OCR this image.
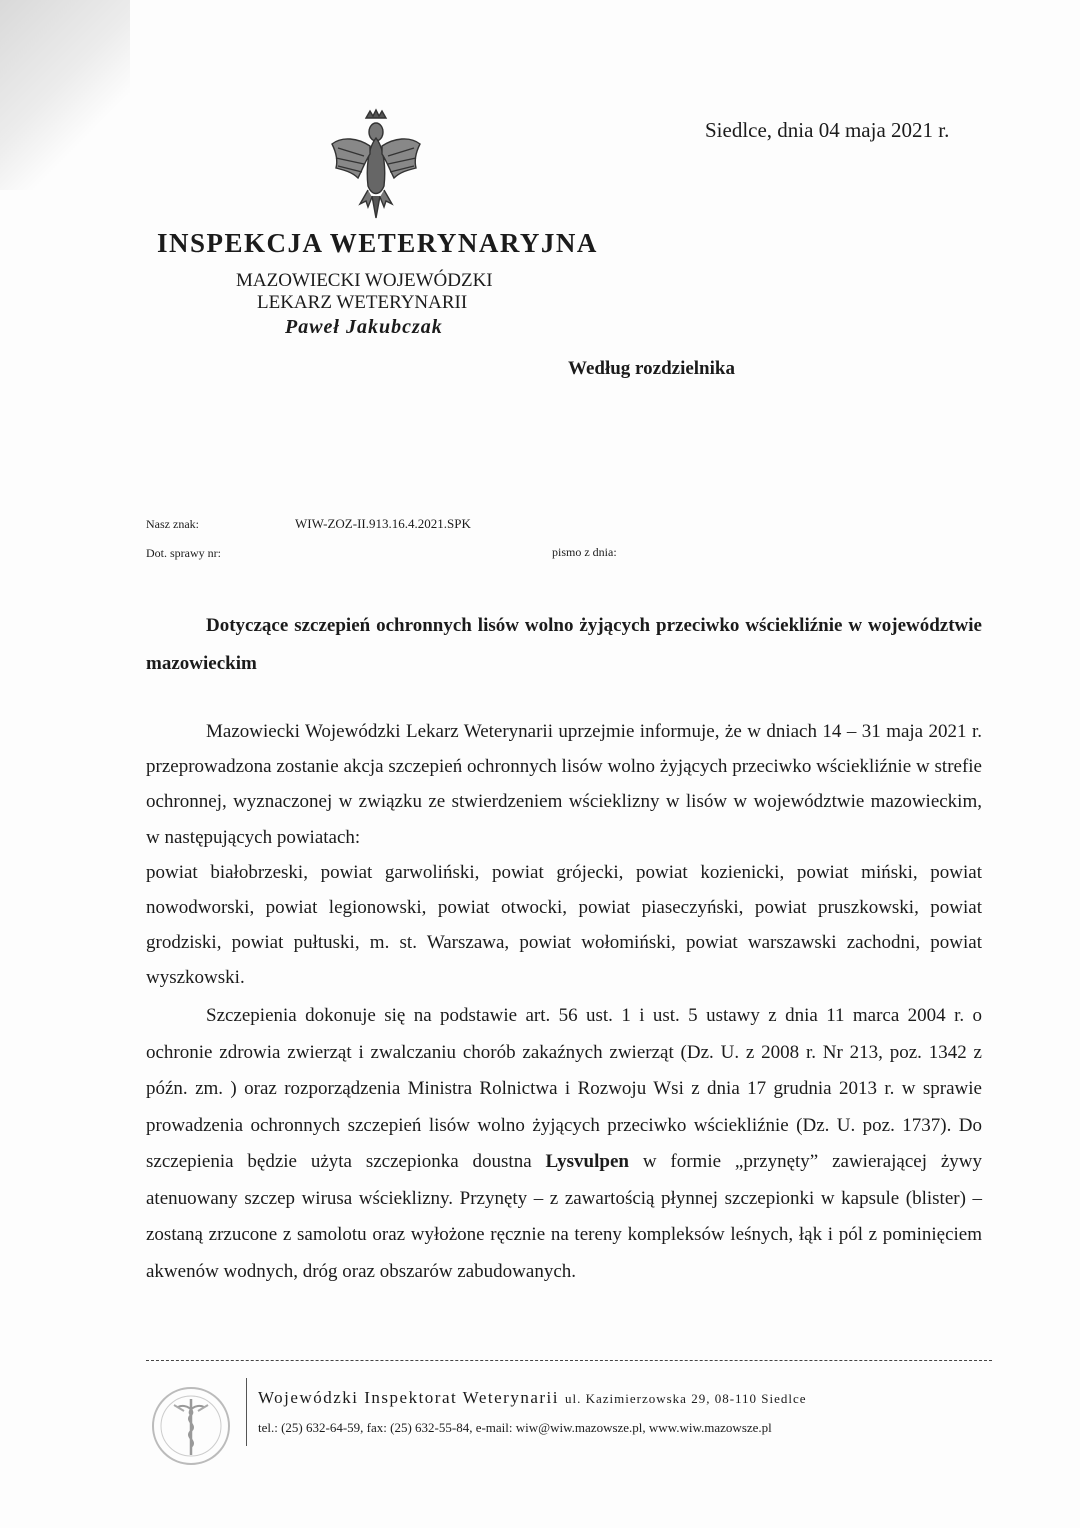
Siedlce, dnia 04 maja 2021 r.
INSPEKCJA WETERYNARYJNA
MAZOWIECKI WOJEWÓDZKI
LEKARZ WETERYNARII
Paweł Jakubczak
Według rozdzielnika
Nasz znak:	WIW-ZOZ-II.913.16.4.2021.SPK
Dot. sprawy nr:	pismo z dnia:
Dotyczące szczepień ochronnych lisów wolno żyjących przeciwko wściekliźnie w województwie mazowieckim
Mazowiecki Wojewódzki Lekarz Weterynarii uprzejmie informuje, że w dniach 14 – 31 maja 2021 r. przeprowadzona zostanie akcja szczepień ochronnych lisów wolno żyjących przeciwko wściekliźnie w strefie ochronnej, wyznaczonej w związku ze stwierdzeniem wścieklizny w lisów w województwie mazowieckim, w następujących powiatach:
powiat białobrzeski, powiat garwoliński, powiat grójecki, powiat kozienicki, powiat miński, powiat nowodworski, powiat legionowski, powiat otwocki, powiat piaseczyński, powiat pruszkowski, powiat grodziski, powiat pułtuski, m. st. Warszawa, powiat wołomiński, powiat warszawski zachodni, powiat wyszkowski.
Szczepienia dokonuje się na podstawie art. 56 ust. 1 i ust. 5 ustawy z dnia 11 marca 2004 r. o ochronie zdrowia zwierząt i zwalczaniu chorób zakaźnych zwierząt (Dz. U. z 2008 r. Nr 213, poz. 1342 z późn. zm. ) oraz rozporządzenia Ministra Rolnictwa i Rozwoju Wsi z dnia 17 grudnia 2013 r. w sprawie prowadzenia ochronnych szczepień lisów wolno żyjących przeciwko wściekliźnie (Dz. U. poz. 1737). Do szczepienia będzie użyta szczepionka doustna Lysvulpen w formie „przynęty” zawierającej żywy atenuowany szczep wirusa wścieklizny. Przynęty – z zawartością płynnej szczepionki w kapsule (blister) – zostaną zrzucone z samolotu oraz wyłożone ręcznie na tereny kompleksów leśnych, łąk i pól z pominięciem akwenów wodnych, dróg oraz obszarów zabudowanych.
Wojewódzki Inspektorat Weterynarii ul. Kazimierzowska 29, 08-110 Siedlce
tel.: (25) 632-64-59, fax: (25) 632-55-84, e-mail: wiw@wiw.mazowsze.pl, www.wiw.mazowsze.pl
